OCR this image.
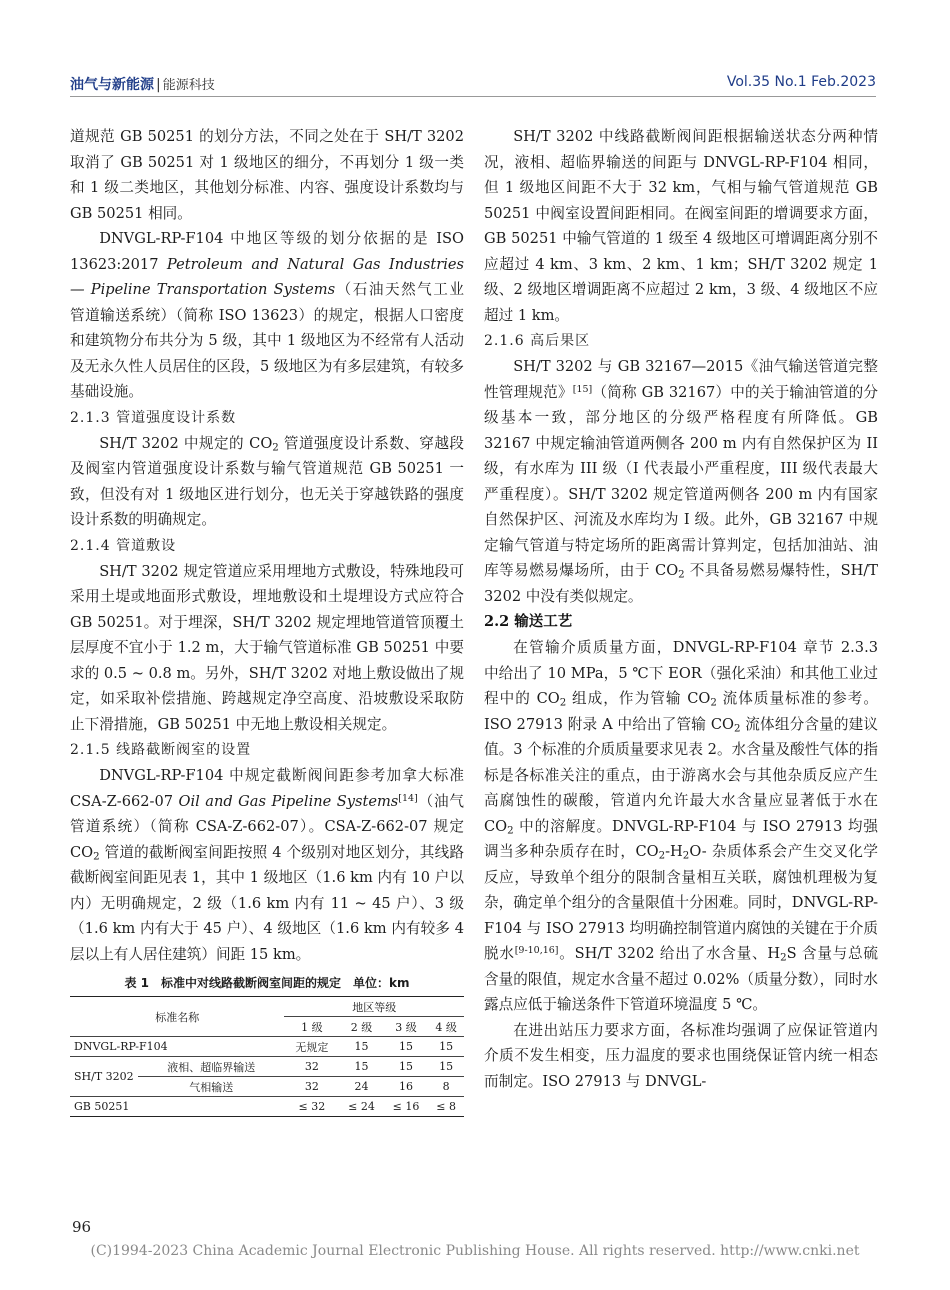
油气与新能源 | 能源科技	Vol.35 No.1 Feb.2023

道规范 GB 50251 的划分方法，不同之处在于 SH/T 3202 取消了 GB 50251 对 1 级地区的细分，不再划分 1 级一类和 1 级二类地区，其他划分标准、内容、强度设计系数均与 GB 50251 相同。

DNVGL-RP-F104 中地区等级的划分依据的是 ISO 13623:2017 Petroleum and Natural Gas Industries — Pipeline Transportation Systems（石油天然气工业 管道输送系统）（简称 ISO 13623）的规定，根据人口密度和建筑物分布共分为 5 级，其中 1 级地区为不经常有人活动及无永久性人员居住的区段，5 级地区为有多层建筑，有较多基础设施。

2.1.3 管道强度设计系数

SH/T 3202 中规定的 $CO_2$ 管道强度设计系数、穿越段及阀室内管道强度设计系数与输气管道规范 GB 50251 一致，但没有对 1 级地区进行划分，也无关于穿越铁路的强度设计系数的明确规定。

2.1.4 管道敷设

SH/T 3202 规定管道应采用埋地方式敷设，特殊地段可采用土堤或地面形式敷设，埋地敷设和土堤埋设方式应符合 GB 50251。对于埋深，SH/T 3202 规定埋地管道管顶覆土层厚度不宜小于 1.2 m，大于输气管道标准 GB 50251 中要求的 0.5 ~ 0.8 m。另外，SH/T 3202 对地上敷设做出了规定，如采取补偿措施、跨越规定净空高度、沿坡敷设采取防止下滑措施，GB 50251 中无地上敷设相关规定。

2.1.5 线路截断阀室的设置

DNVGL-RP-F104 中规定截断阀间距参考加拿大标准 CSA-Z-662-07 Oil and Gas Pipeline Systems[14]（油气管道系统）（简称 CSA-Z-662-07）。CSA-Z-662-07 规定 $CO_2$ 管道的截断阀室间距按照 4 个级别对地区划分，其线路截断阀室间距见表 1，其中 1 级地区（1.6 km 内有 10 户以内）无明确规定，2 级（1.6 km 内有 11 ~ 45 户）、3 级（1.6 km 内有大于 45 户）、4 级地区（1.6 km 内有较多 4 层以上有人居住建筑）间距 15 km。

表 1　标准中对线路截断阀室间距的规定　单位：km
标准名称		地区等级			
		1 级	2 级	3 级	4 级
DNVGL-RP-F104		无规定	15	15	15
SH/T 3202	液相、超临界输送	32	15	15	15
	气相输送	32	24	16	8
GB 50251		≤ 32	≤ 24	≤ 16	≤ 8

SH/T 3202 中线路截断阀间距根据输送状态分两种情况，液相、超临界输送的间距与 DNVGL-RP-F104 相同，但 1 级地区间距不大于 32 km，气相与输气管道规范 GB 50251 中阀室设置间距相同。在阀室间距的增调要求方面，GB 50251 中输气管道的 1 级至 4 级地区可增调距离分别不应超过 4 km、3 km、2 km、1 km；SH/T 3202 规定 1 级、2 级地区增调距离不应超过 2 km，3 级、4 级地区不应超过 1 km。

2.1.6 高后果区

SH/T 3202 与 GB 32167—2015《油气输送管道完整性管理规范》[15]（简称 GB 32167）中的关于输油管道的分级基本一致，部分地区的分级严格程度有所降低。GB 32167 中规定输油管道两侧各 200 m 内有自然保护区为 II 级，有水库为 III 级（I 代表最小严重程度，III 级代表最大严重程度）。SH/T 3202 规定管道两侧各 200 m 内有国家自然保护区、河流及水库均为 I 级。此外，GB 32167 中规定输气管道与特定场所的距离需计算判定，包括加油站、油库等易燃易爆场所，由于 $CO_2$ 不具备易燃易爆特性，SH/T 3202 中没有类似规定。

2.2 输送工艺

在管输介质质量方面，DNVGL-RP-F104 章节 2.3.3 中给出了 10 MPa，5 ℃下 EOR（强化采油）和其他工业过程中的 $CO_2$ 组成，作为管输 $CO_2$ 流体质量标准的参考。ISO 27913 附录 A 中给出了管输 $CO_2$ 流体组分含量的建议值。3 个标准的介质质量要求见表 2。水含量及酸性气体的指标是各标准关注的重点，由于游离水会与其他杂质反应产生高腐蚀性的碳酸，管道内允许最大水含量应显著低于水在 $CO_2$ 中的溶解度。DNVGL-RP-F104 与 ISO 27913 均强调当多种杂质存在时，$CO_2-H_2O-$ 杂质体系会产生交叉化学反应，导致单个组分的限制含量相互关联，腐蚀机理极为复杂，确定单个组分的含量限值十分困难。同时，DNVGL-RP-F104 与 ISO 27913 均明确控制管道内腐蚀的关键在于介质脱水[9-10,16]。SH/T 3202 给出了水含量、$H_2S$ 含量与总硫含量的限值，规定水含量不超过 0.02%（质量分数），同时水露点应低于输送条件下管道环境温度 5 ℃。

在进出站压力要求方面，各标准均强调了应保证管道内介质不发生相变，压力温度的要求也围绕保证管内统一相态而制定。ISO 27913 与 DNVGL-

96
(C)1994-2023 China Academic Journal Electronic Publishing House. All rights reserved. http://www.cnki.net
